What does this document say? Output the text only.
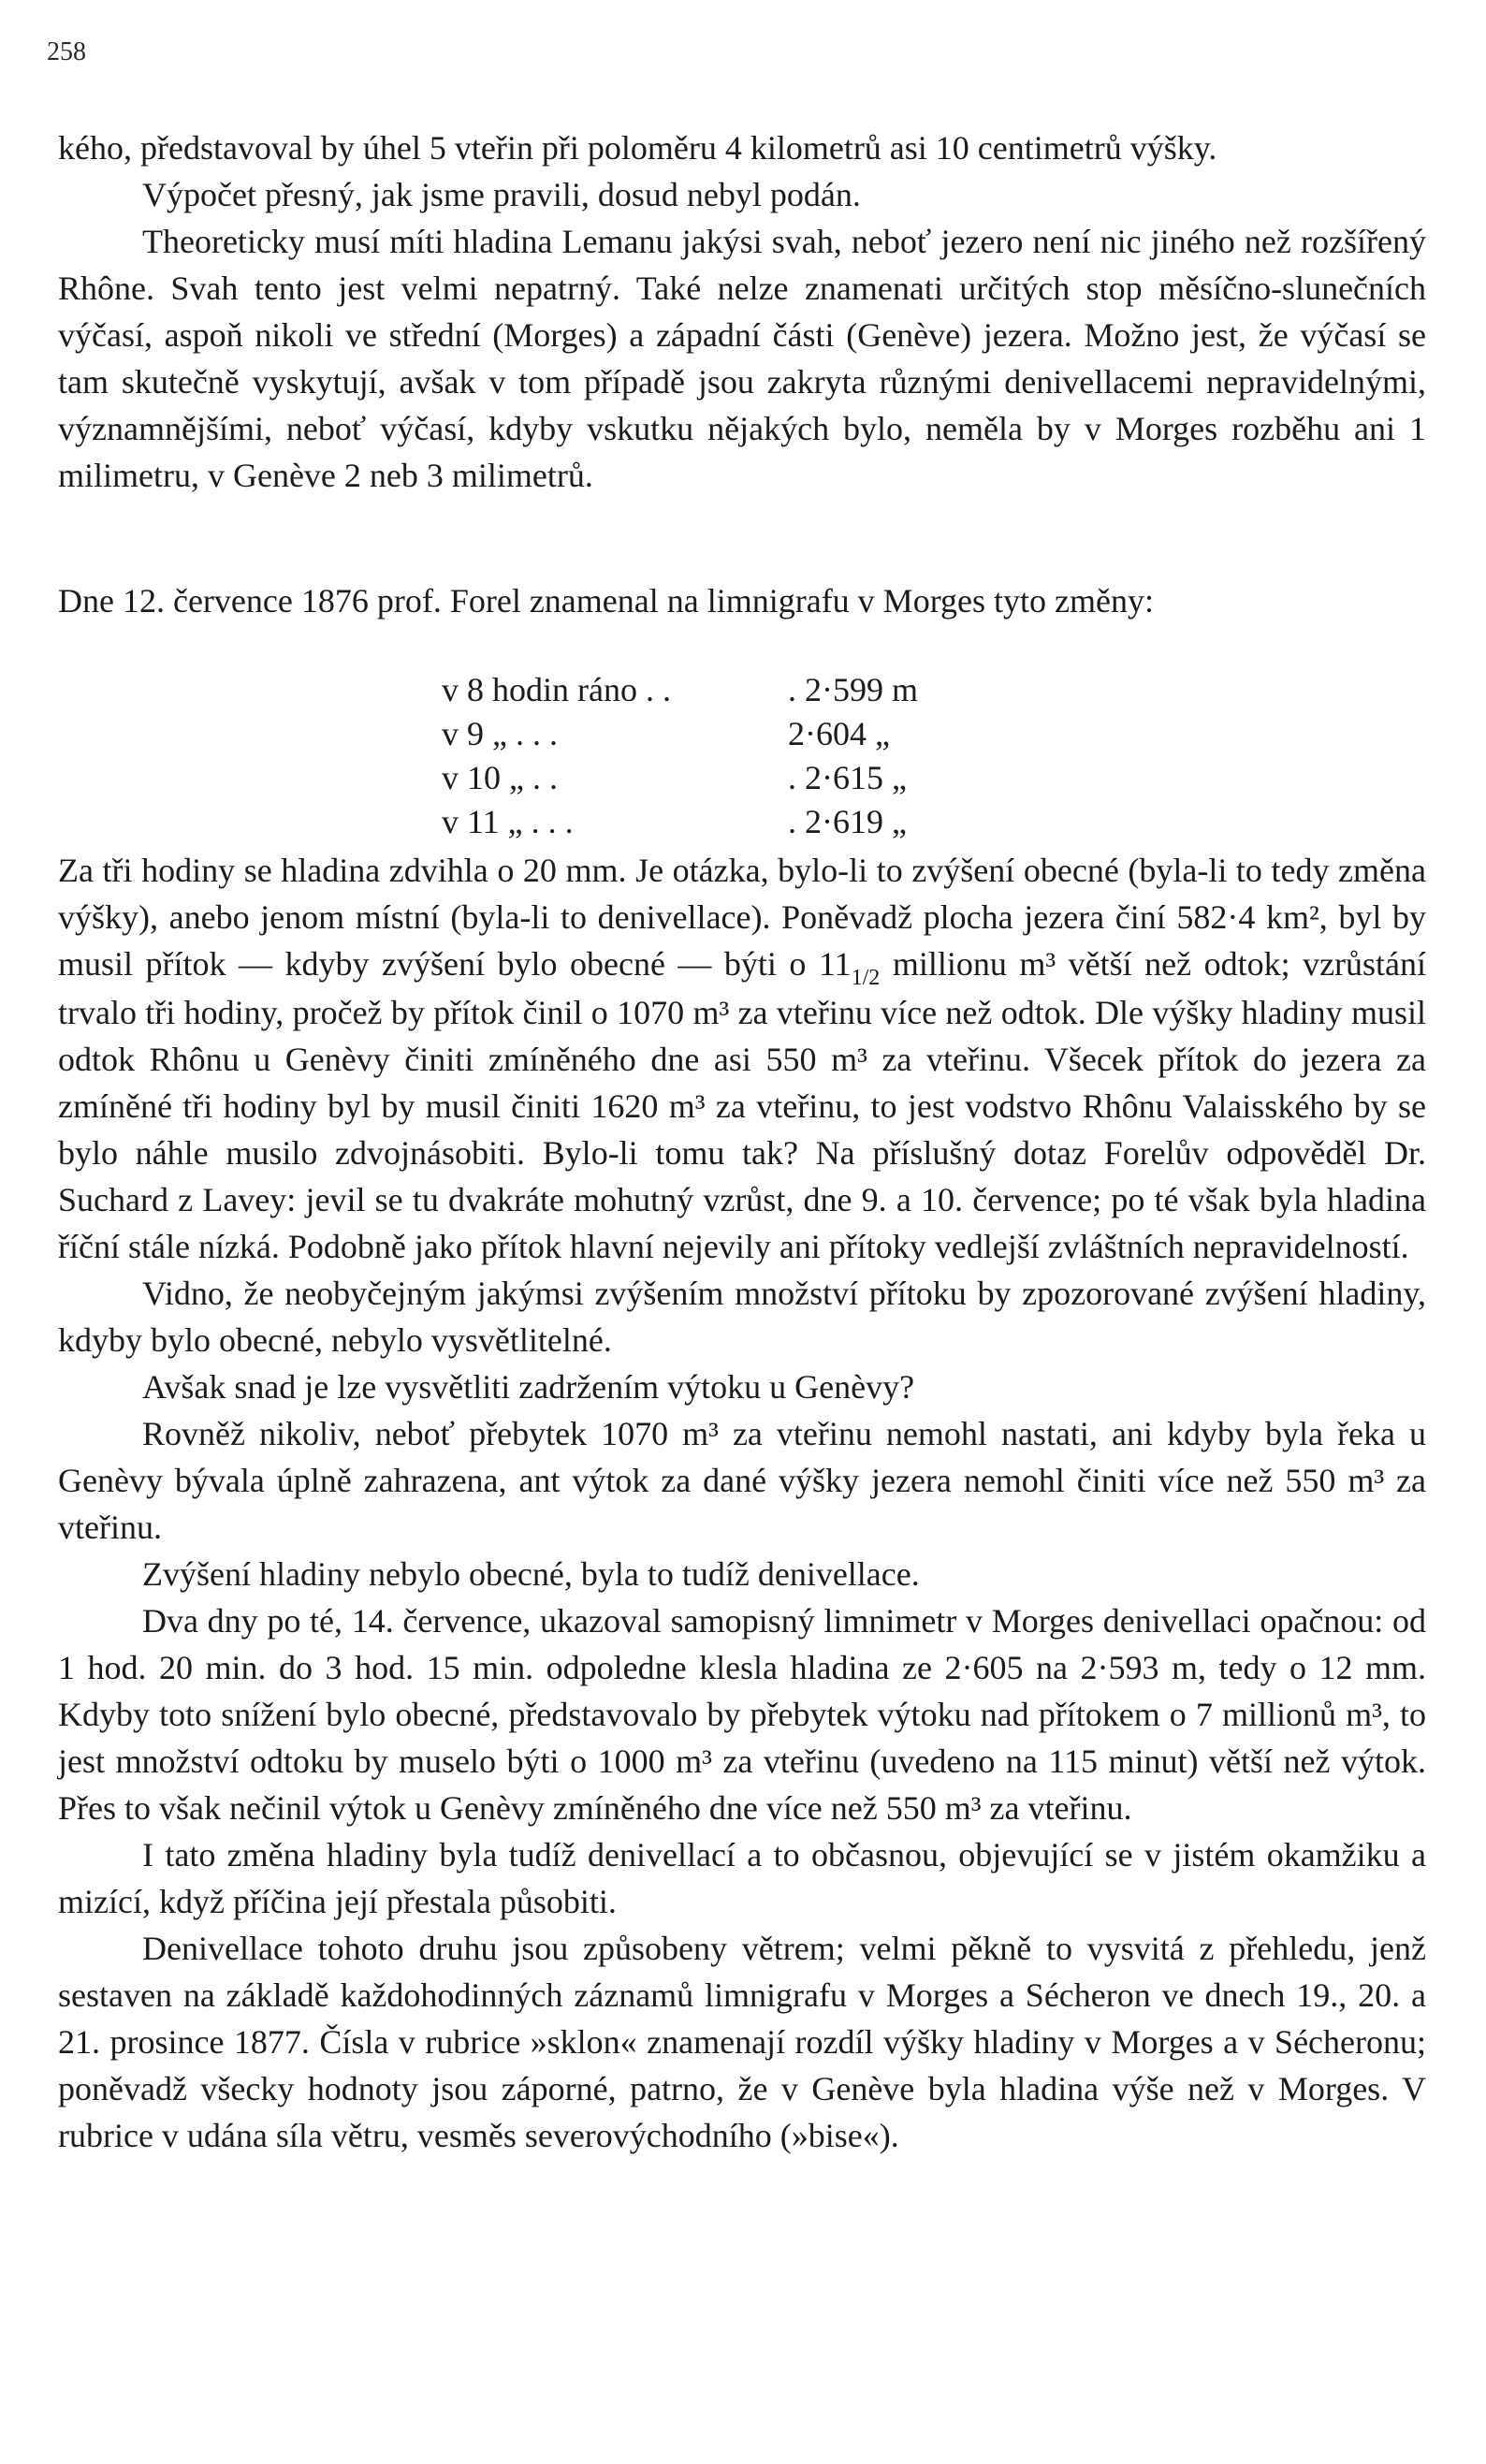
258

kého, představoval by úhel 5 vteřin při poloměru 4 kilometrů asi 10 centimetrů výšky.

Výpočet přesný, jak jsme pravili, dosud nebyl podán.

Theoreticky musí míti hladina Lemanu jakýsi svah, neboť jezero není nic jiného než rozšířený Rhône. Svah tento jest velmi nepatrný. Také nelze znamenati určitých stop měsíčno-slunečních výčasí, aspoň nikoli ve střední (Morges) a západní části (Genève) jezera. Možno jest, že výčasí se tam skutečně vyskytují, avšak v tom případě jsou zakryta různými denivellacemi nepravidelnými, významnějšími, neboť výčasí, kdyby vskutku nějakých bylo, neměla by v Morges rozběhu ani 1 milimetru, v Genève 2 neb 3 milimetrů.

Dne 12. července 1876 prof. Forel znamenal na limnigrafu v Morges tyto změny:

v 8 hodin ráno . .	. 2·599 m
v 9 „ . . .	2·604 „
v 10 „ . .	. 2·615 „
v 11 „ . . .	. 2·619 „

Za tři hodiny se hladina zdvihla o 20 mm. Je otázka, bylo-li to zvýšení obecné (byla-li to tedy změna výšky), anebo jenom místní (byla-li to denivellace). Poněvadž plocha jezera činí 582·4 km², byl by musil přítok — kdyby zvýšení bylo obecné — býti o 111/2 millionu m³ větší než odtok; vzrůstání trvalo tři hodiny, pročež by přítok činil o 1070 m³ za vteřinu více než odtok. Dle výšky hladiny musil odtok Rhônu u Genèvy činiti zmíněného dne asi 550 m³ za vteřinu. Všecek přítok do jezera za zmíněné tři hodiny byl by musil činiti 1620 m³ za vteřinu, to jest vodstvo Rhônu Valaisského by se bylo náhle musilo zdvojnásobiti. Bylo-li tomu tak? Na příslušný dotaz Forelův odpověděl Dr. Suchard z Lavey: jevil se tu dvakráte mohutný vzrůst, dne 9. a 10. července; po té však byla hladina říční stále nízká. Podobně jako přítok hlavní nejevily ani přítoky vedlejší zvláštních nepravidelností.

Vidno, že neobyčejným jakýmsi zvýšením množství přítoku by zpozorované zvýšení hladiny, kdyby bylo obecné, nebylo vysvětlitelné.

Avšak snad je lze vysvětliti zadržením výtoku u Genèvy?

Rovněž nikoliv, neboť přebytek 1070 m³ za vteřinu nemohl nastati, ani kdyby byla řeka u Genèvy bývala úplně zahrazena, ant výtok za dané výšky jezera nemohl činiti více než 550 m³ za vteřinu.

Zvýšení hladiny nebylo obecné, byla to tudíž denivellace.

Dva dny po té, 14. července, ukazoval samopisný limnimetr v Morges denivellaci opačnou: od 1 hod. 20 min. do 3 hod. 15 min. odpoledne klesla hladina ze 2·605 na 2·593 m, tedy o 12 mm. Kdyby toto snížení bylo obecné, představovalo by přebytek výtoku nad přítokem o 7 millionů m³, to jest množství odtoku by muselo býti o 1000 m³ za vteřinu (uvedeno na 115 minut) větší než výtok. Přes to však nečinil výtok u Genèvy zmíněného dne více než 550 m³ za vteřinu.

I tato změna hladiny byla tudíž denivellací a to občasnou, objevující se v jistém okamžiku a mizící, když příčina její přestala působiti.

Denivellace tohoto druhu jsou způsobeny větrem; velmi pěkně to vysvitá z přehledu, jenž sestaven na základě každohodinných záznamů limnigrafu v Morges a Sécheron ve dnech 19., 20. a 21. prosince 1877. Čísla v rubrice »sklon« znamenají rozdíl výšky hladiny v Morges a v Sécheronu; poněvadž všecky hodnoty jsou záporné, patrno, že v Genève byla hladina výše než v Morges. V rubrice v udána síla větru, vesměs severovýchodního (»bise«).
